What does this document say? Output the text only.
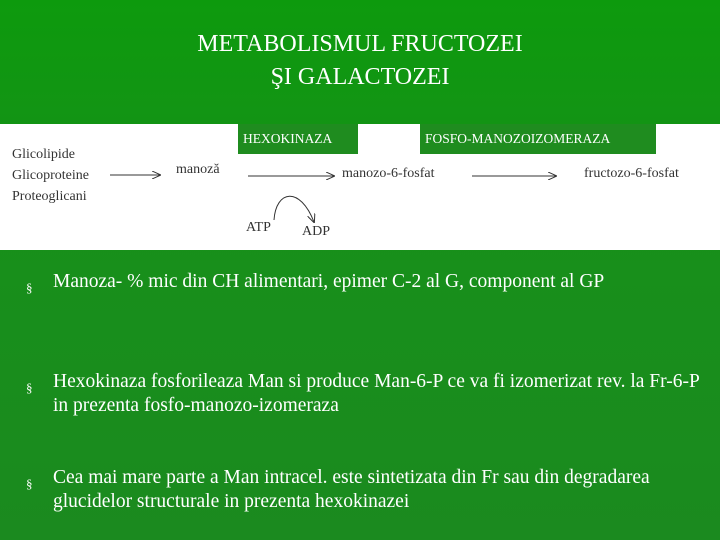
METABOLISMUL FRUCTOZEI
ŞI GALACTOZEI
HEXOKINAZA	FOSFO-MANOZOIZOMERAZA
Glicolipide
Glicoproteine
Proteoglicani
manoză	manozo-6-fosfat	fructozo-6-fosfat
ATP ADP
§ Manoza- % mic din CH alimentari, epimer C-2 al G, component al GP
§ Hexokinaza fosforileaza Man si produce Man-6-P ce va fi izomerizat rev. la Fr-6-P in prezenta fosfo-manozo-izomeraza
§ Cea mai mare parte a Man intracel. este sintetizata din Fr sau din degradarea glucidelor structurale in prezenta hexokinazei
